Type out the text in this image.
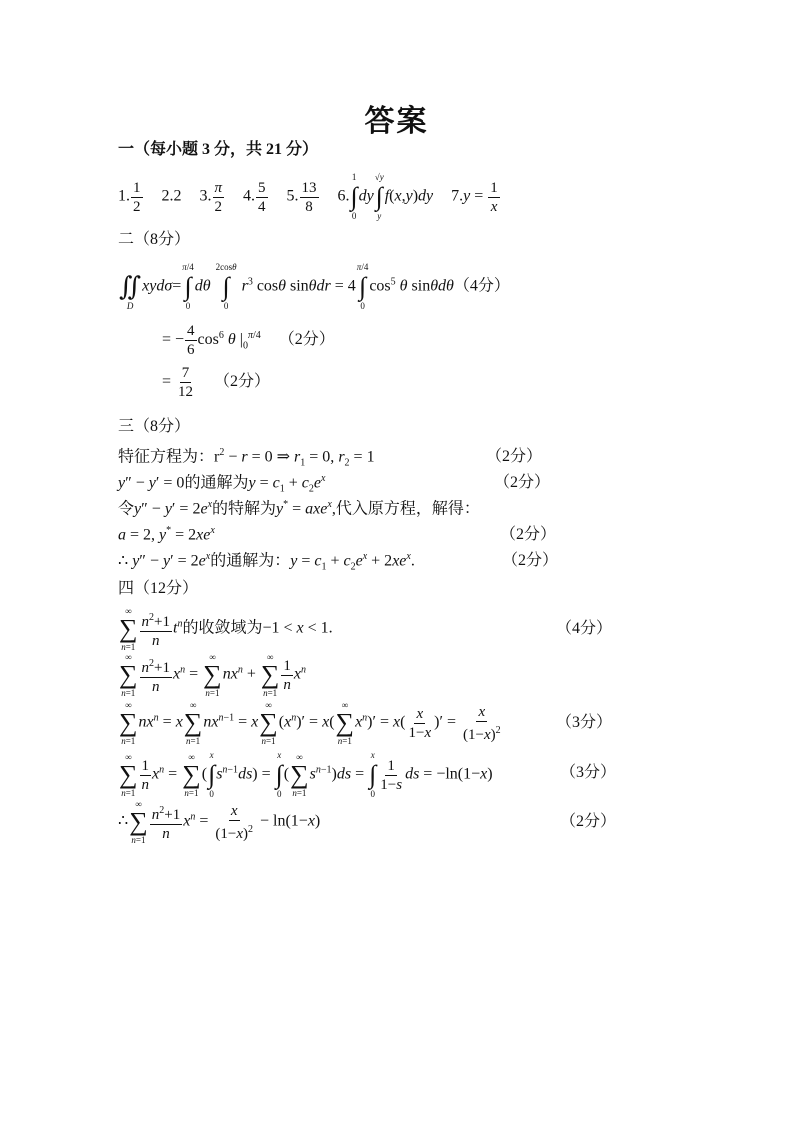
答案
一（每小题 3 分，共 21 分）
1. $\frac{1}{2} 2.2$ 3. $\frac{\pi}{2} 4$. $\frac{5}{4} 5$. $\frac{13}{8} 6$.
1
∫
0
dy
√y
∫
y
f(x,y)dy $7.y = \frac{1}{x}$
二（8分）

∬
D
xydσ=
π/4
∫
0
dθ
2cosθ
∫
0
$r^3$ cosθ sinθdr = 4
π/4
∫
0
$\cos^5 \theta$ sinθdθ（4分）
= − $\frac{4}{6} \cos^6 \theta$ $|_0^{\pi/4}$ （2分）
= $\frac{7}{12} (2$分）
三（8分）
特征方程为：$r^2 - r = 0$ ⇒ $r_1 = 0$, $r_2 = 1$	（2分）
y″ − y′ = 0的通解为$y = c_1 + c_2e^x$	（2分）
令$y'' - y' = 2e^x$的特解为y* = axe$^x$,代入原方程，解得：
a = 2, $y^* = 2xe^x$	（2分）
∴ $y'' - y' = 2e^x$的通解为：$y = c_1 + c_2e^x + 2xe^x$.	（2分）
四（12分）
∞
∑
$n=1 \frac{n^2+1}{n} t^n$的收敛域为−1 < x < 1.	（4分）
∞
∑
$n=1 \frac{n^2+1}{n} x^n$ =
∞
∑
n=1
$nx^n$ +
∞
∑
$n=1 \frac{1}{n} x^n$
∞
∑
n=1
$nx^n = x$
∞
∑
n=1
$nx^{n-1} = x$
∞
∑
n=1
$(x^n)' = x$(
∞
∑
n=1
$x^n)' = x( \frac{x}{1-x}$ )′ = $\frac{x}{(1-x)^2}$	（3分）
∞
∑
$n=1 \frac{1}{n} x^n$ =
∞
∑
n=1
(
x
∫
0
$s^{n-1}ds$) =
x
∫
0
(
∞
∑
n=1
$s^{n-1})ds$ =
x
∫
0
$\frac{1}{1-s}$ ds = −ln(1−x)	（3分）
∴
∞
∑
$n=1 \frac{n^2+1}{n} x^n = \frac{x}{(1-x)^2} - \ln(1-x)$	（2分）
